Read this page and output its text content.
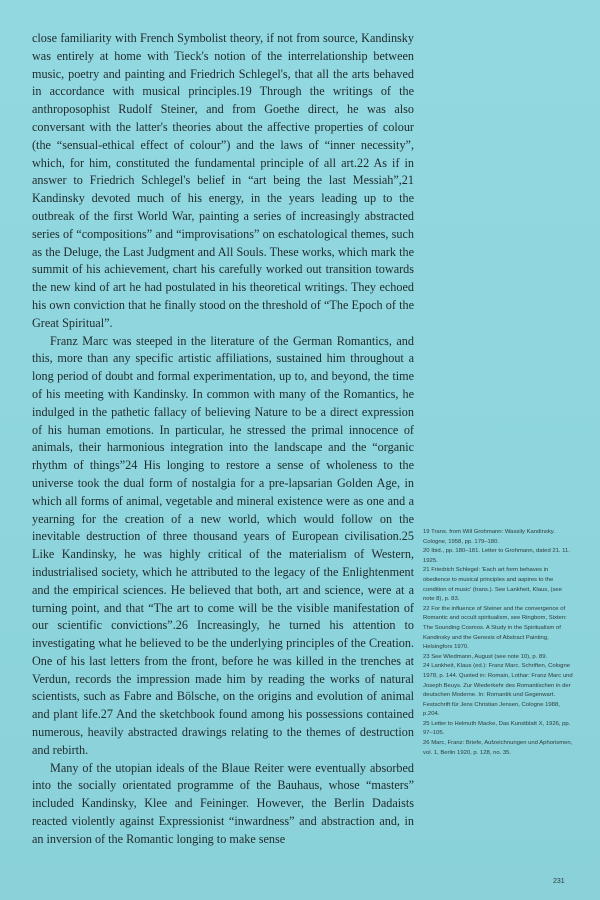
close familiarity with French Symbolist theory, if not from source, Kandinsky was entirely at home with Tieck's notion of the interrelationship between music, poetry and painting and Friedrich Schlegel's, that all the arts behaved in accordance with musical principles.19 Through the writings of the anthroposophist Rudolf Steiner, and from Goethe direct, he was also conversant with the latter's theories about the affective properties of colour (the “sensual-ethical effect of colour”) and the laws of “inner necessity”, which, for him, constituted the fundamental principle of all art.22 As if in answer to Friedrich Schlegel's belief in “art being the last Messiah”,21 Kandinsky devoted much of his energy, in the years leading up to the outbreak of the first World War, painting a series of increasingly abstracted series of “compositions” and “improvisations” on eschatological themes, such as the Deluge, the Last Judgment and All Souls. These works, which mark the summit of his achievement, chart his carefully worked out transition towards the new kind of art he had postulated in his theoretical writings. They echoed his own conviction that he finally stood on the threshold of “The Epoch of the Great Spiritual”.

Franz Marc was steeped in the literature of the German Romantics, and this, more than any specific artistic affiliations, sustained him throughout a long period of doubt and formal experimentation, up to, and beyond, the time of his meeting with Kandinsky. In common with many of the Romantics, he indulged in the pathetic fallacy of believing Nature to be a direct expression of his human emotions. In particular, he stressed the primal innocence of animals, their harmonious integration into the landscape and the “organic rhythm of things”24 His longing to restore a sense of wholeness to the universe took the dual form of nostalgia for a pre-lapsarian Golden Age, in which all forms of animal, vegetable and mineral existence were as one and a yearning for the creation of a new world, which would follow on the inevitable destruction of three thousand years of European civilisation.25 Like Kandinsky, he was highly critical of the materialism of Western, industrialised society, which he attributed to the legacy of the Enlightenment and the empirical sciences. He believed that both, art and science, were at a turning point, and that “The art to come will be the visible manifestation of our scientific convictions”.26 Increasingly, he turned his attention to investigating what he believed to be the underlying principles of the Creation. One of his last letters from the front, before he was killed in the trenches at Verdun, records the impression made him by reading the works of natural scientists, such as Fabre and Bölsche, on the origins and evolution of animal and plant life.27 And the sketchbook found among his possessions contained numerous, heavily abstracted drawings relating to the themes of destruction and rebirth.

Many of the utopian ideals of the Blaue Reiter were eventually absorbed into the socially orientated programme of the Bauhaus, whose “masters” included Kandinsky, Klee and Feininger. However, the Berlin Dadaists reacted violently against Expressionist “inwardness” and abstraction and, in an inversion of the Romantic longing to make sense

19 Trans. from Will Grohmann: Wassily Kandinsky. Cologne, 1958, pp. 179–180.

20 Ibid., pp. 180–181. Letter to Grohmann, dated 21. 11. 1925.

21 Friedrich Schlegel: 'Each art form behaves in obedience to musical principles and aspires to the condition of music' (trans.). See Lankheit, Klaus, (see note 8), p. 83.

22 For the influence of Steiner and the convergence of Romantic and occult spiritualism, see Ringbom, Sixten: The Sounding Cosmos. A Study in the Spiritualism of Kandinsky and the Genesis of Abstract Painting, Helsingfors 1970.

23 See Wiedmann, August (see note 10), p. 89.

24 Lankheit, Klaus (ed.): Franz Marc. Schriften, Cologne 1978, p. 144. Quoted in: Romain, Lothar: Franz Marc und Joseph Beuys. Zur Wiederkehr des Romantischen in der deutschen Moderne. In: Romantik und Gegenwart. Festschrift für Jens Christian Jensen, Cologne 1988, p.204.

25 Letter to Helmuth Macke, Das Kunstblatt X, 1926, pp. 97–105.

26 Marc, Franz: Briefe, Aufzeichnungen und Aphorismen, vol. 1, Berlin 1920, p. 128, no. 35.

231
